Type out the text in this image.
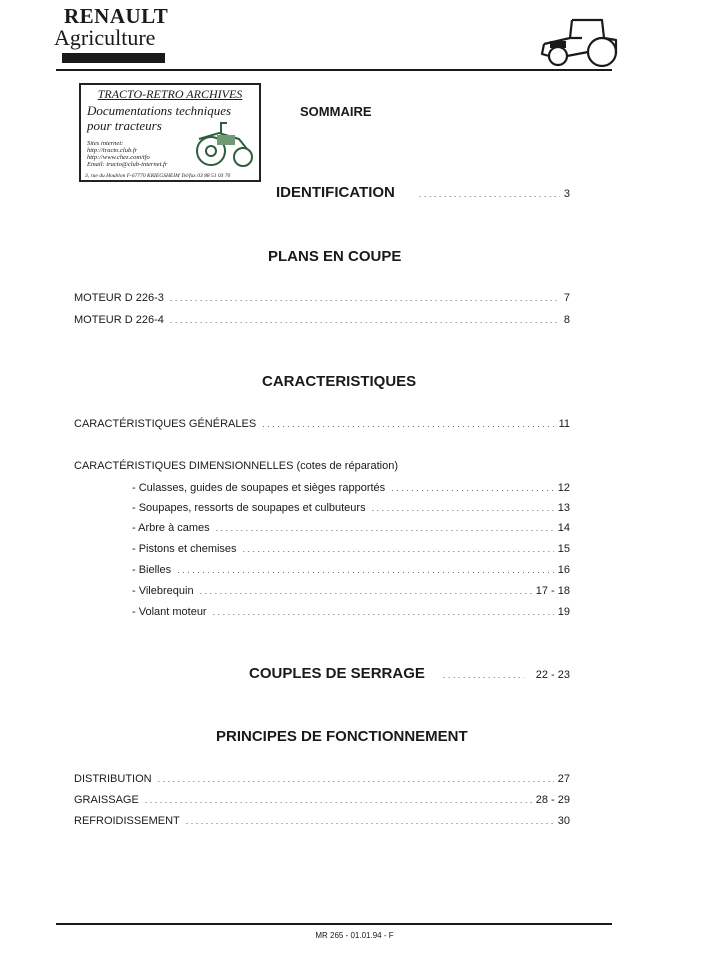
RENAULT
Agriculture
TRACTO-RETRO ARCHIVES
Documentations techniques
pour tracteurs
Sites internet:
http://tracto.club.fr
http://www.chez.com/tfo
Email: tracto@club-internet.fr
3, rue du Houblon F-67770 KRIEGSHEIM Tel/fax 03 88 51 03 70
SOMMAIRE
IDENTIFICATION . . .	3
PLANS EN COUPE
MOTEUR D 226-3 . . .	7
MOTEUR D 226-4 . . .	8
CARACTERISTIQUES
CARACTÉRISTIQUES GÉNÉRALES . . .	11
CARACTÉRISTIQUES DIMENSIONNELLES (cotes de réparation)
- Culasses, guides de soupapes et sièges rapportés . . .	12
- Soupapes, ressorts de soupapes et culbuteurs . . .	13
- Arbre à cames . . .	14
- Pistons et chemises . . .	15
- Bielles . . .	16
- Vilebrequin . . .	17 - 18
- Volant moteur . . .	19
COUPLES DE SERRAGE . . .	22 - 23
PRINCIPES DE FONCTIONNEMENT
DISTRIBUTION . . .	27
GRAISSAGE . . .	28 - 29
REFROIDISSEMENT . . .	30
MR 265 - 01.01.94 - F
